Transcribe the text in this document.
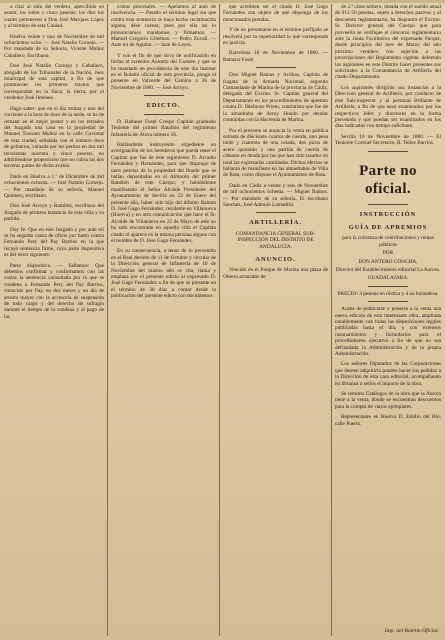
a citar al sitio del verdero, apercibido en asistir, los sobre y cinco pesetas; los días los cuales pertenecen a Don José Marques López y al término de esta Ciudad.

Huelva veinte y uno de Noviembre de mil ochocientos ocho. — José Natalio Cornejo. — Por mandado de su Señoría, Vicente Muñoz Caballero, Escribano.

Don José Natalio Cornejo y Caballero, abogado de los Tribunales de la Nación, Juez municipal de esta capital, a fin de que promuevan los primeros tractos que correspondan en la finca, la tierra, por el vendedor José Jiménez.

Hago saber: que en el día treinta y uno del corriente a la hora de doce de la tarde, se ha de rematar en el mejor postor y en los estrados del Juzgado una casa en la propiedad de Manuel Toscano Muñoz en la calle Gaviotas de esta ciudad, señalada con el número doce de gobierno, valuada por los peritos en dos mil trescientas noventa y cinco pesetas, no admitiéndose proposición que no cubra las dos terceras partes de dicho avalúo.

Dado en Huelva a 1.º de Diciembre de mil ochocientos ochenta. — José Natalio Cornejo. — Por mandado de su señoría, Manuel Quintero, escribano.

Don José Arroyo y Ramírez, escribano del Juzgado de primera instancia de esta villa y su partido.

Doy fe: Que en este Juzgado y por ante mí se ha seguido causa de oficio por hurto contra Fernando Pery del Pay Barrios en la que recayó sentencia firme, cuya parte dispositiva es del tenor siguiente:

Parte dispositiva. — Fallamos: Que debemos confirmar y confirmamos con las costas la sentencia consultada por la que se condena a Fernando Pery del Pay Barrios, conocido por Pay, en dos meses y un día de arresto mayor con la accesoria de suspensión de todo cargo y del derecho de sufragio durante el tiempo de la condena y al pago de las

costas procesales. — Apelamos al auto de insolvencia. — Pasado el término legal sin que contra esta sentencia se haya hecho reclamación alguna, dése cuenta; pues por ella así lo pronunciamos mandamos y firmamos. — Manuel Gregorio Giménez. — Pedro Zuvalí. — Ante mí de Aguilar. — Juan de Leyes.

Y con el fin de que sirva de notificación en forma al acreedor Antonio del Carmen y que se ha mandado en providencia de este día insertar en el Boletín oficial de esta provincia, pongo el presente en Valverde del Camino a 26 de Noviembre de 1880. — José Arroyo.

EDICTO.

D. Baltasar Fusté Crespo Capitán graduado Teniente del primer Batallón del regimiento Infantería de Álava número 56.

Hallándome instruyendo expediente en averiguación de los herederos que pueda tener el Capitán que fue de este regimiento D. Arcadio Fernández y Hernández, para que dispongo de unos pesetas de la propiedad del finado que se hallan depositadas en el Almacén del primer Batallón de este Cuerpo; y habiéndome manifestado el Señor Alcalde Presidente del Ayuntamiento de Sevilla en 22 de Enero del presente año, haber sido hijo del difunto Ramón D. José Gago Fernández, residente en Villanueva (Huelva) y en otra comunicación que hace el Sr. Alcalde de Villanueva en 22 de Mayo de este no ha sido encontrado en aquella villa el Capitán citado ni aparece en la misma persona alguna con el nombre de D. José Gago Fernández.

En su consecuencia, a tenor de lo prevenido en el Real decreto de 11 de Octubre y circular de la Dirección general de Infantería de 10 de Noviembre del mismo año se cita, llama y emplaza por el presente edicto al expresado D. José Gago Fernández a fin de que se presente en el término de 30 días a contar desde la publicación del presente edicto con documentos

que acrediten ser el citado D. José Gago Fernández con objeto de que disponga de los mencionados prendas.

Y de no presentarse en el término prefijado se resolverá por la superioridad lo que corresponda en justicia.

Barcelona 16 de Noviembre de 1880. — Baltasar Fusté.

Don Miguel Ramos y Arribas, Capitán de fragata de la Armada Nacional, segundo Comandante de Marina de la provincia de Cádiz, delegado del Excmo. Sr. Capitán general del Departamento en los procedimientos de apremio contra D. Ildefonso Prieto, contratista que fue de la almadraba de Arroy Hondo por deudas contraídas con la Hacienda de Marina.

Por el presente se anuncia la venta en pública subasta de diecisiete cuartos de cuerda, uno pesa tarde y cuarenta de una celada, dos picos de acero quintales y una partida de cuerda de cáñamo en deuda por las que han sido tasados en total las expresadas cantidades. Dichos efectos se hallarán de manifiesto en las almadrabas de Villa de Rota, como dispone el Ayuntamiento de Rota.

Dado en Cádiz a veinte y seis de Noviembre de mil ochocientos ochenta. — Miguel Ramos. — Por mandado de su señoría, El escribano Sanchez, José Antonio Lamadrid.

ARTILLERÍA.

COMANDANCIA GENERAL SUB-INSPECCIÓN DEL DISTRITO DE ANDALUCÍA.

ANUNCIO.

Vencido en el Parque de Marina una plaza de Obrero avanzado de

de 2.ª clase armero, dotada con el sueldo anual de 912·50 pesetas, sujeto a derechos pasivos y al descuento reglamentario, ha dispuesto el Excmo. Sr. Director general del Cuerpo que para proveerla se verifique el concurso reglamentario ante la Junta Facultativa del expresado Parque, desde principios del mes de Marzo del año próximo venidero con sujeción a las prescripciones del Reglamento vigente, debiendo los aspirantes en este Distrito hacer presentes sus solicitudes a la Comandancia de Artillería del citado Departamento.

Los aspirantes dirigirán sus instancias a la Dirección general de Artillería, por conducto de este Sub-inspector y al personal Brillante de Artillería, a fin de que sean examinados por los respectivos Jefes y directores en la forma prevenida y que puedan ser examinados en los días indicados con tiempo suficiente.

Sevilla 16 de Noviembre de 1880. — El Teniente Coronel Secretario, R. Tellez Barrios.

Parte no oficial.
INSTRUCCIÓN
GUÍA DE APREMIOS

para la cobranza de contribuciones y rentas públicas

POR

DON ANTERO CONCHA,

Director del Establecimiento editorial La Aurora.

GUADALAJARA.

PRECIO: 3 pesetas en rústica y 4 en holandesa.

Acaba de publicarse y ponerse a la venta una nueva edición de esta interesante obra, ampliada notablemente con todas las disposiciones legales publicadas hasta el día, y con extensos razonamientos y formularios para el procedimiento ejecutivo a fin de que no sea defraudada la Administración y de la propia Administración.

Los señores Diputados de las Corporaciones que deseen adquirirla pueden hacer sus pedidos a la Dirección de esta casa editorial, acompañando en libranza o sellos el importe de la obra.

Se remiten Catálogos de la obra que la Aurora tiene a la venta, donde se encuentran descuentos para la compra de varios ejemplares.

Representante en Huelva D. Emilio del Río, calle Puerto.

Imp. del Boletín Oficial.
